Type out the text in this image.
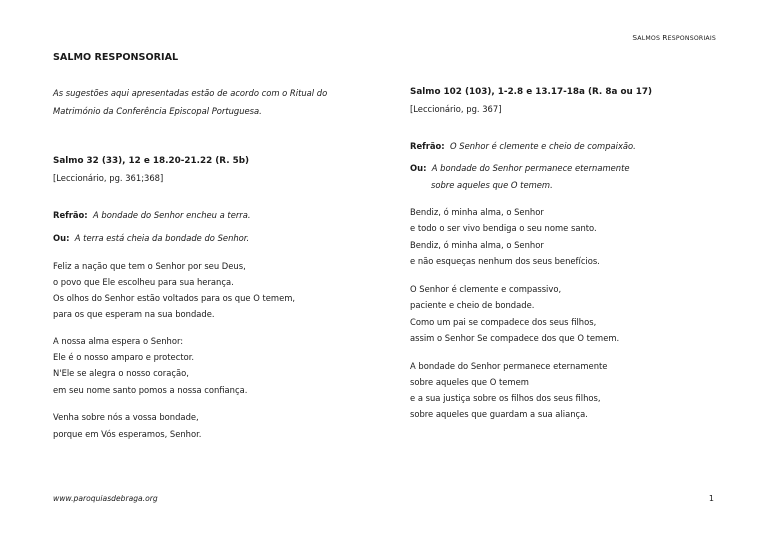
SALMOS RESPONSORIAIS
SALMO RESPONSORIAL
As sugestões aqui apresentadas estão de acordo com o Ritual do
Matrimónio da Conferência Episcopal Portuguesa.
Salmo 32 (33), 12 e 18.20-21.22 (R. 5b)
[Leccionário, pg. 361;368]
Refrão: A bondade do Senhor encheu a terra.
Ou: A terra está cheia da bondade do Senhor.
Feliz a nação que tem o Senhor por seu Deus,
o povo que Ele escolheu para sua herança.
Os olhos do Senhor estão voltados para os que O temem,
para os que esperam na sua bondade.
A nossa alma espera o Senhor:
Ele é o nosso amparo e protector.
N'Ele se alegra o nosso coração,
em seu nome santo pomos a nossa confiança.
Venha sobre nós a vossa bondade,
porque em Vós esperamos, Senhor.
Salmo 102 (103), 1-2.8 e 13.17-18a (R. 8a ou 17)
[Leccionário, pg. 367]
Refrão: O Senhor é clemente e cheio de compaixão.
Ou: A bondade do Senhor permanece eternamente
sobre aqueles que O temem.
Bendiz, ó minha alma, o Senhor
e todo o ser vivo bendiga o seu nome santo.
Bendiz, ó minha alma, o Senhor
e não esqueças nenhum dos seus benefícios.
O Senhor é clemente e compassivo,
paciente e cheio de bondade.
Como um pai se compadece dos seus filhos,
assim o Senhor Se compadece dos que O temem.
A bondade do Senhor permanece eternamente
sobre aqueles que O temem
e a sua justiça sobre os filhos dos seus filhos,
sobre aqueles que guardam a sua aliança.
www.paroquiasdebraga.org	1
